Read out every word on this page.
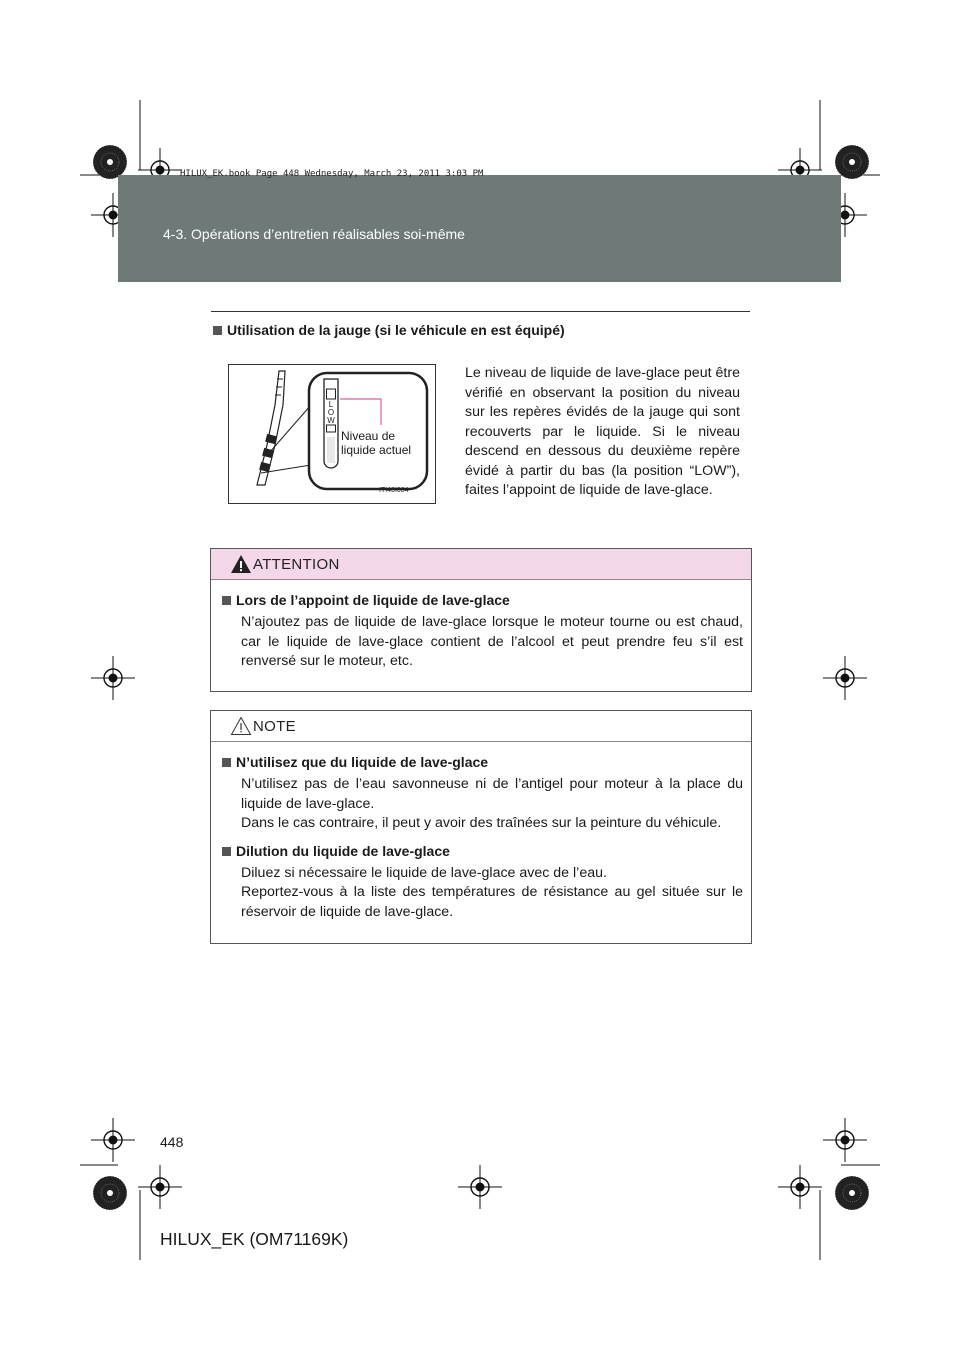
4-3. Opérations d’entretien réalisables soi-même
HILUX_EK.book Page 448 Wednesday, March 23, 2011 3:03 PM
Utilisation de la jauge (si le véhicule en est équipé)
L
O
W
Niveau de liquide actuel
ITI43I084
Le niveau de liquide de lave-glace peut être vérifié en observant la position du niveau sur les repères évidés de la jauge qui sont recouverts par le liquide. Si le niveau descend en dessous du deuxième repère évidé à partir du bas (la position “LOW”), faites l’appoint de liquide de lave-glace.
ATTENTION

Lors de l’appoint de liquide de lave-glace

N’ajoutez pas de liquide de lave-glace lorsque le moteur tourne ou est chaud, car le liquide de lave-glace contient de l’alcool et peut prendre feu s’il est renversé sur le moteur, etc.

NOTE

N’utilisez que du liquide de lave-glace

N’utilisez pas de l’eau savonneuse ni de l’antigel pour moteur à la place du liquide de lave-glace.
Dans le cas contraire, il peut y avoir des traînées sur la peinture du véhicule.

Dilution du liquide de lave-glace

Diluez si nécessaire le liquide de lave-glace avec de l’eau.
Reportez-vous à la liste des températures de résistance au gel située sur le réservoir de liquide de lave-glace.

448
HILUX_EK (OM71169K)
